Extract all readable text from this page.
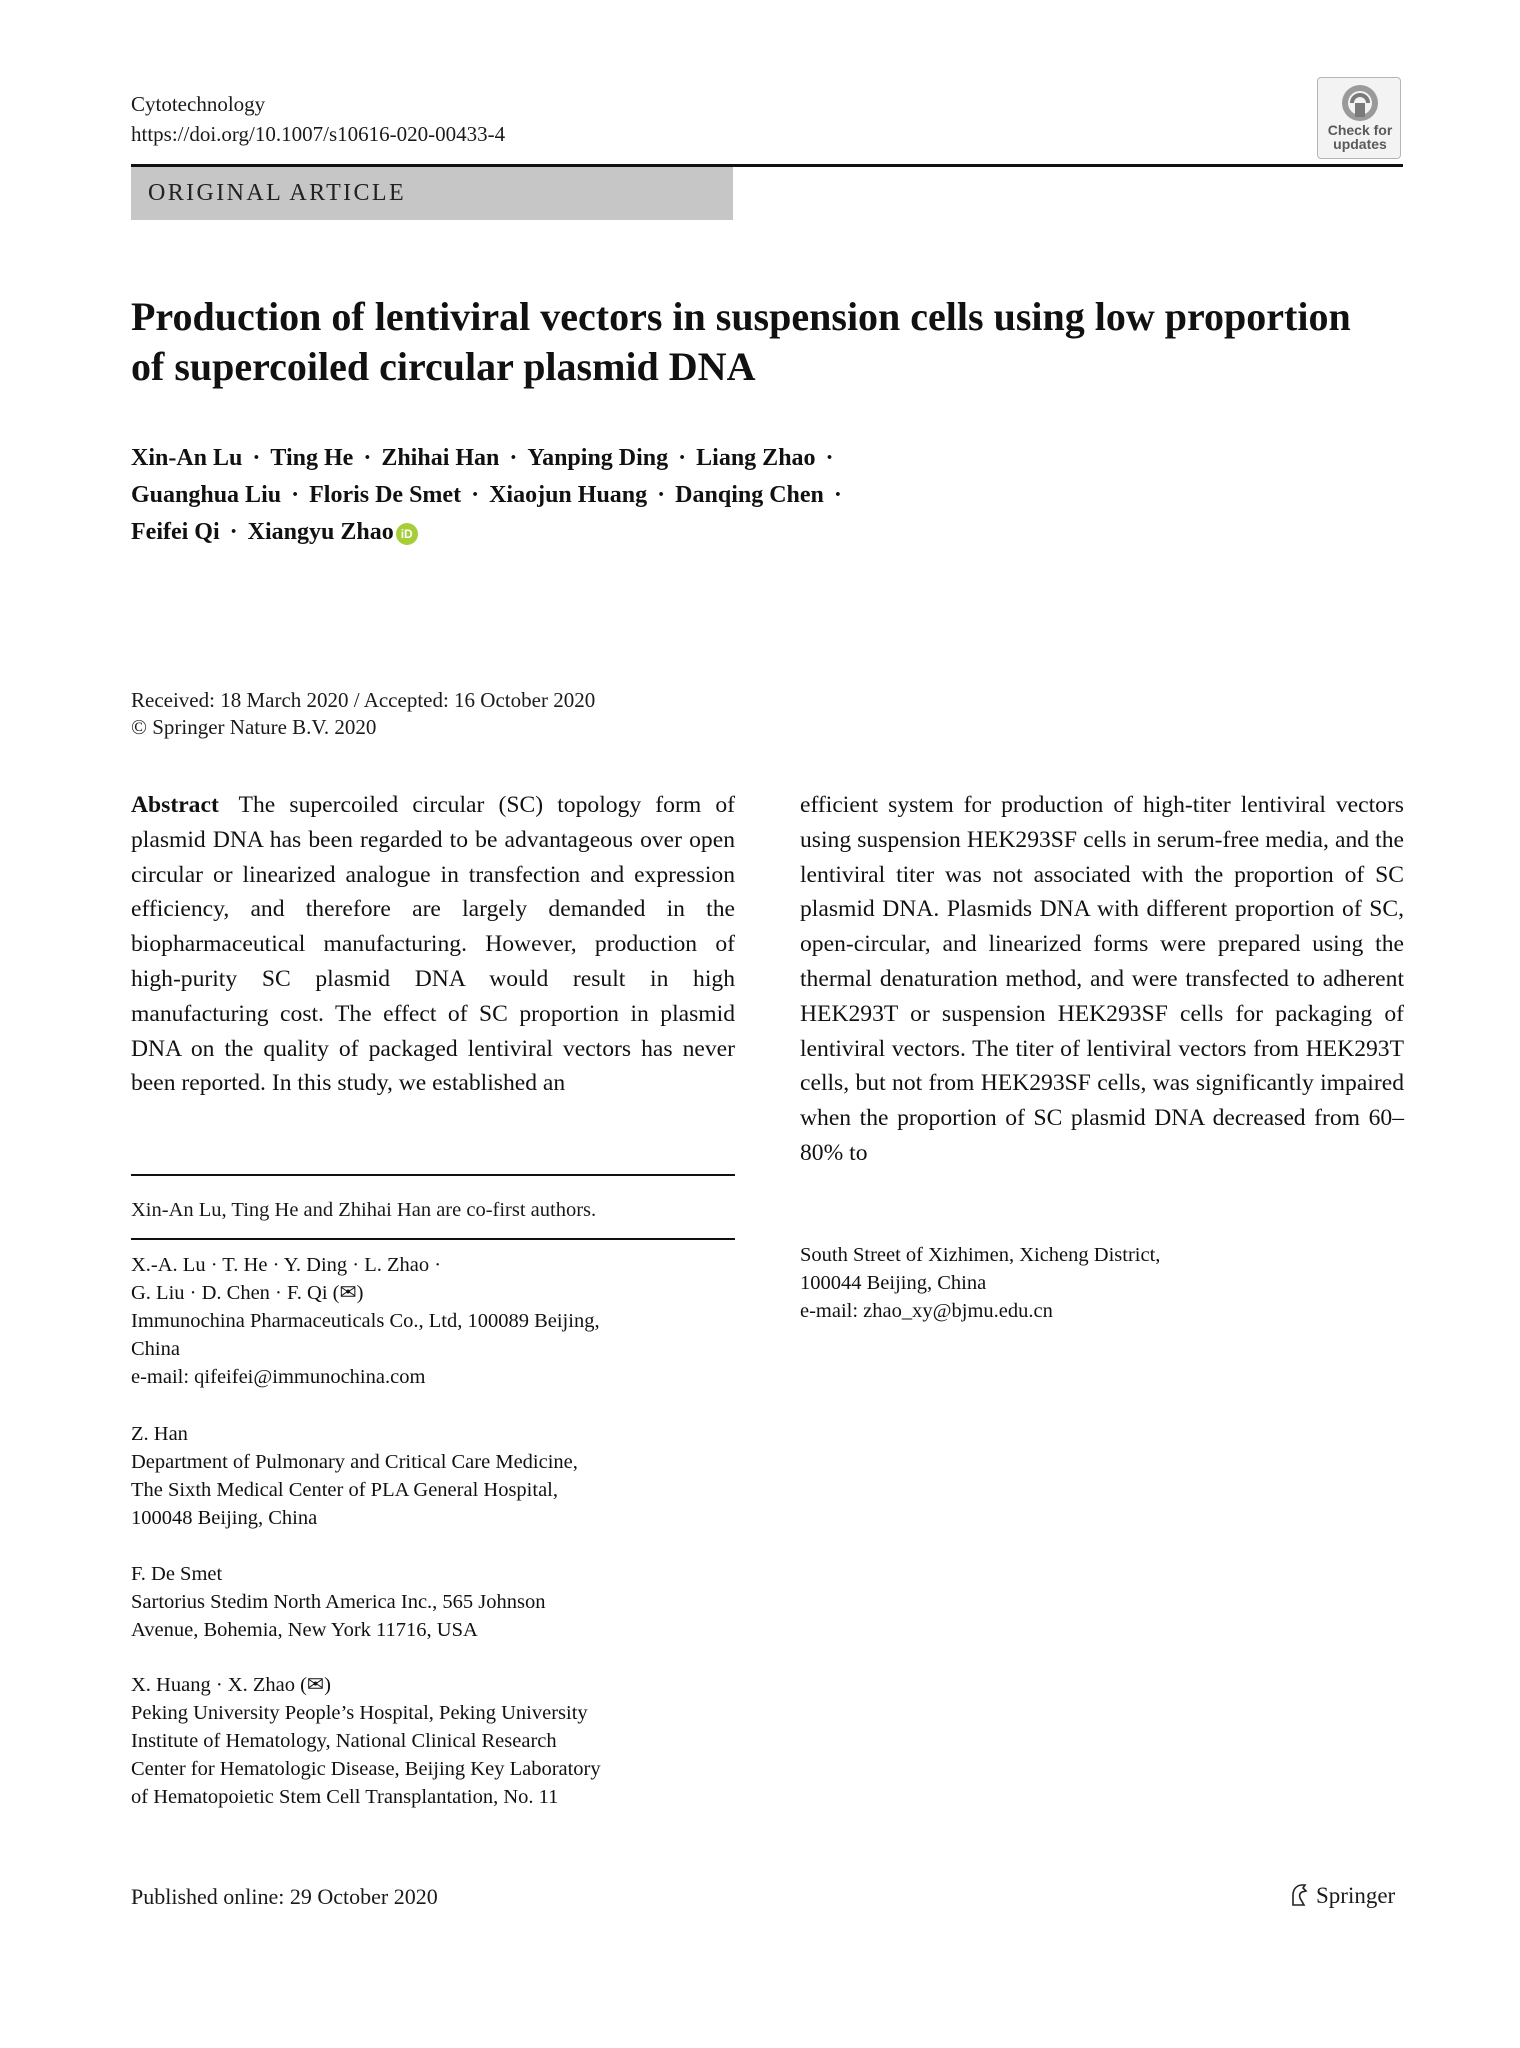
Cytotechnology
https://doi.org/10.1007/s10616-020-00433-4	Check for
updates
ORIGINAL ARTICLE
Production of lentiviral vectors in suspension cells using low proportion of supercoiled circular plasmid DNA
Xin-An Lu · Ting He · Zhihai Han · Yanping Ding · Liang Zhao ·
Guanghua Liu · Floris De Smet · Xiaojun Huang · Danqing Chen ·
Feifei Qi · Xiangyu Zhao iD
Received: 18 March 2020 / Accepted: 16 October 2020
© Springer Nature B.V. 2020
Abstract The supercoiled circular (SC) topology form of plasmid DNA has been regarded to be advantageous over open circular or linearized analogue in transfection and expression efficiency, and therefore are largely demanded in the biopharmaceutical manufacturing. However, production of high-purity SC plasmid DNA would result in high manufacturing cost. The effect of SC proportion in plasmid DNA on the quality of packaged lentiviral vectors has never been reported. In this study, we established an
efficient system for production of high-titer lentiviral vectors using suspension HEK293SF cells in serum-free media, and the lentiviral titer was not associated with the proportion of SC plasmid DNA. Plasmids DNA with different proportion of SC, open-circular, and linearized forms were prepared using the thermal denaturation method, and were transfected to adherent HEK293T or suspension HEK293SF cells for packaging of lentiviral vectors. The titer of lentiviral vectors from HEK293T cells, but not from HEK293SF cells, was significantly impaired when the proportion of SC plasmid DNA decreased from 60–80% to
Xin-An Lu, Ting He and Zhihai Han are co-first authors.
X.-A. Lu · T. He · Y. Ding · L. Zhao ·
G. Liu · D. Chen · F. Qi (✉)
Immunochina Pharmaceuticals Co., Ltd, 100089 Beijing,
China
e-mail: qifeifei@immunochina.com
Z. Han
Department of Pulmonary and Critical Care Medicine,
The Sixth Medical Center of PLA General Hospital,
100048 Beijing, China
F. De Smet
Sartorius Stedim North America Inc., 565 Johnson
Avenue, Bohemia, New York 11716, USA
X. Huang · X. Zhao (✉)
Peking University People’s Hospital, Peking University
Institute of Hematology, National Clinical Research
Center for Hematologic Disease, Beijing Key Laboratory
of Hematopoietic Stem Cell Transplantation, No. 11
South Street of Xizhimen, Xicheng District,
100044 Beijing, China
e-mail: zhao_xy@bjmu.edu.cn
Published online: 29 October 2020	Springer
